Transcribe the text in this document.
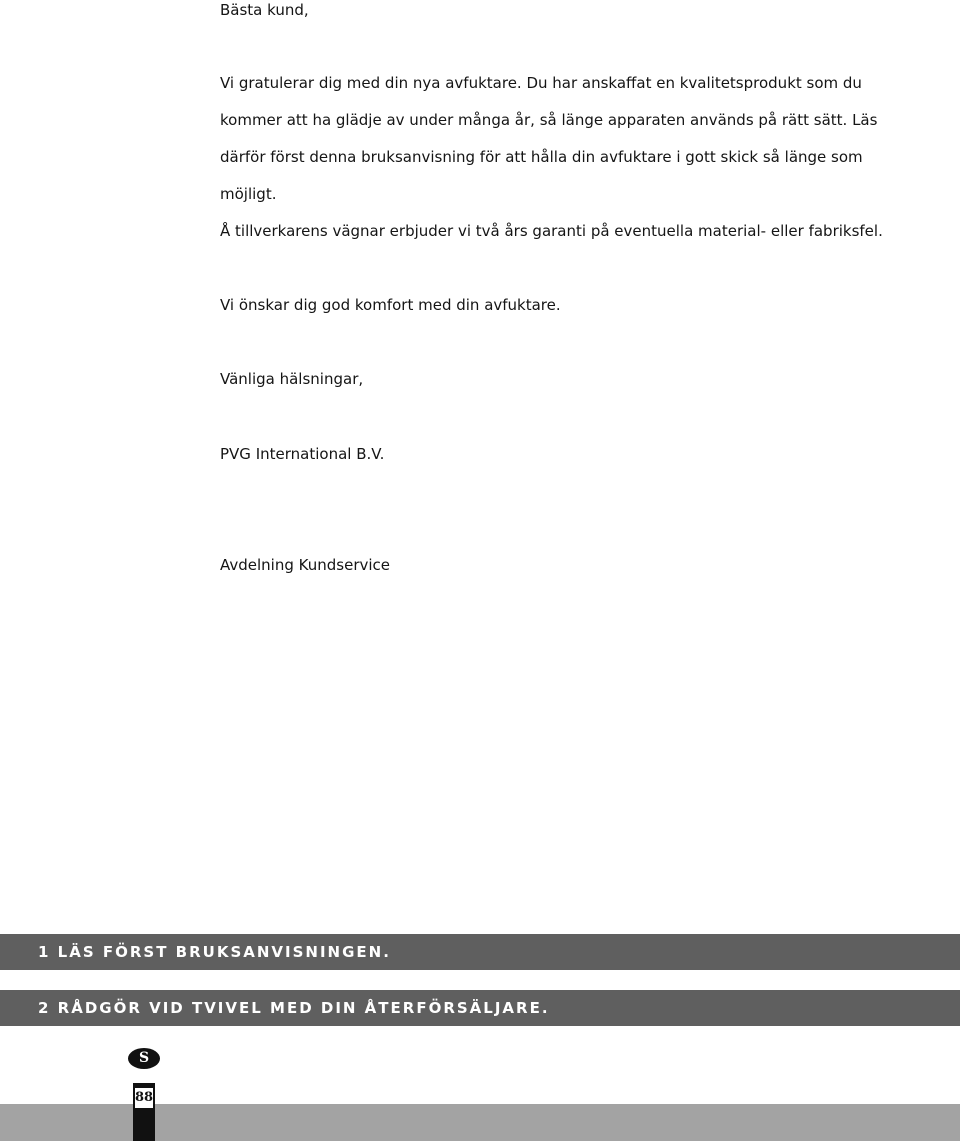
Bästa kund,
Vi gratulerar dig med din nya avfuktare. Du har anskaffat en kvalitetsprodukt som du
kommer att ha glädje av under många år, så länge apparaten används på rätt sätt. Läs
därför först denna bruksanvisning för att hålla din avfuktare i gott skick så länge som
möjligt.
Å tillverkarens vägnar erbjuder vi två års garanti på eventuella material- eller fabriksfel.
Vi önskar dig god komfort med din avfuktare.
Vänliga hälsningar,
PVG International B.V.
Avdelning Kundservice
1 LÄS FÖRST BRUKSANVISNINGEN.
2 RÅDGÖR VID TVIVEL MED DIN ÅTERFÖRSÄLJARE.
S
88
